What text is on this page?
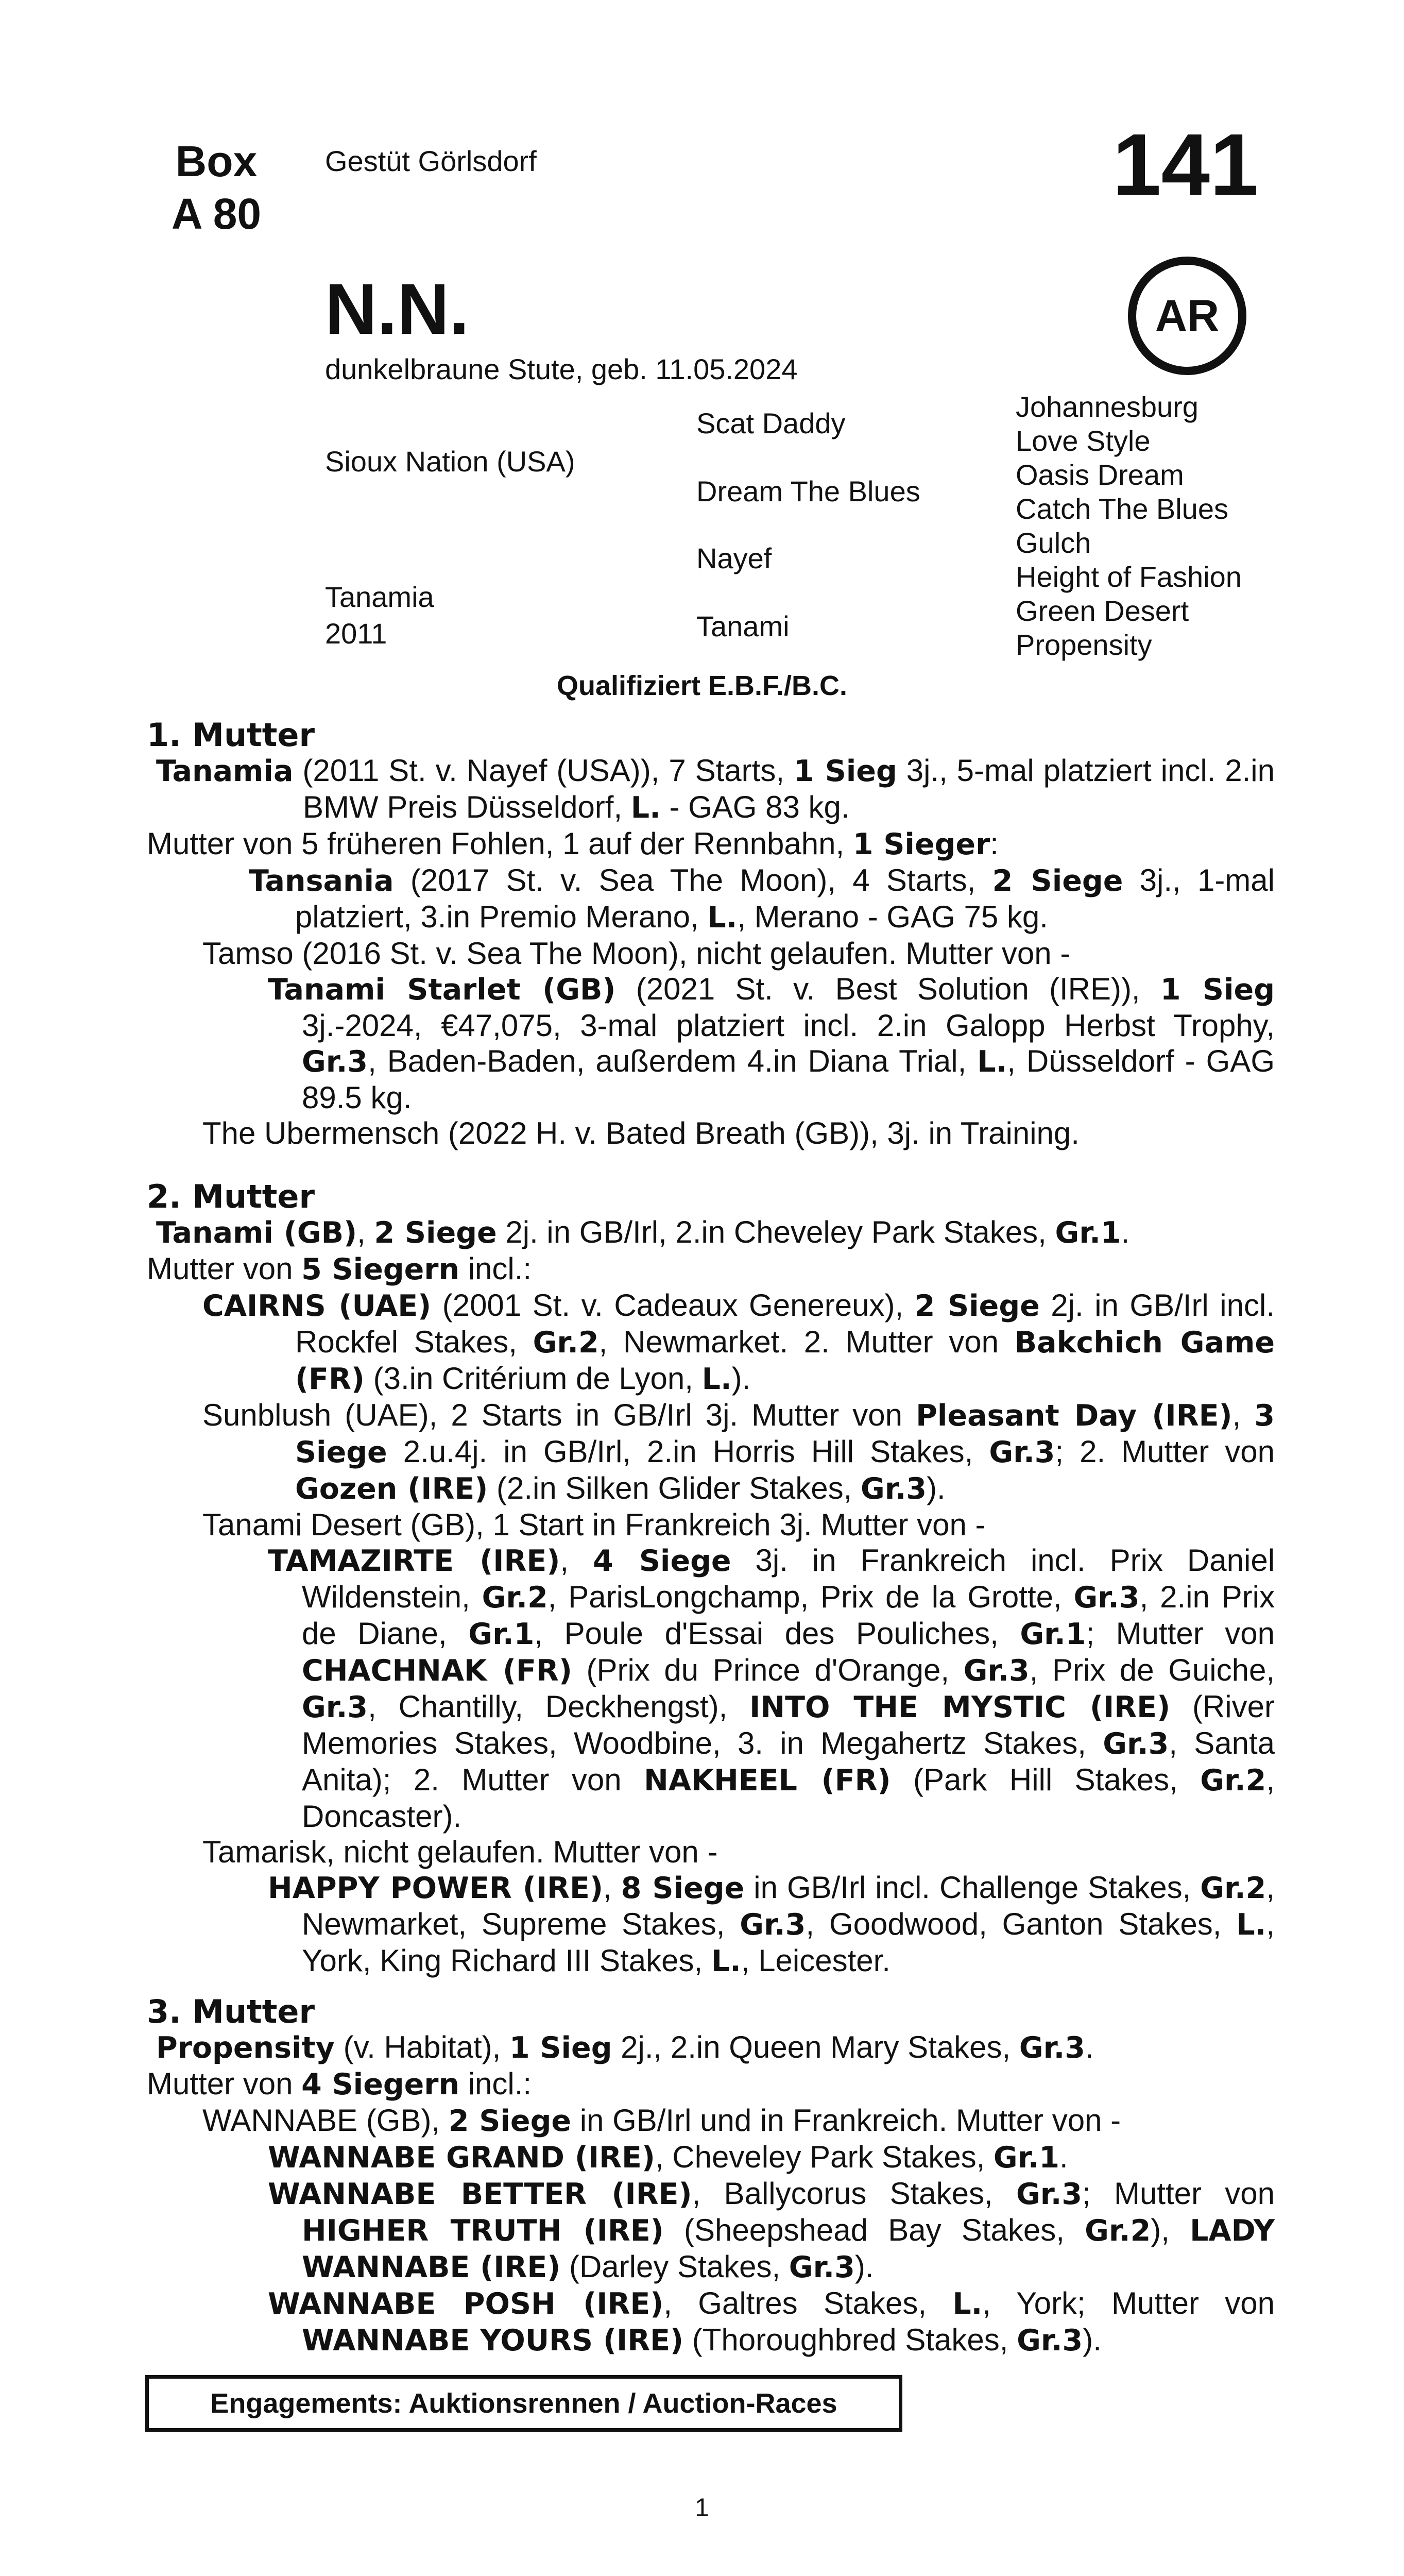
Box
A 80
Gestüt Görlsdorf	141
AR
N.N.
dunkelbraune Stute, geb. 11.05.2024
Sioux Nation (USA)
Tanamia
2011
Scat Daddy
Dream The Blues
Nayef
Tanami
Johannesburg
Love Style
Oasis Dream
Catch The Blues
Gulch
Height of Fashion
Green Desert
Propensity
Qualifiziert E.B.F./B.C.
1. Mutter
Tanamia (2011 St. v. Nayef (USA)), 7 Starts, 1 Sieg 3j., 5-mal platziert incl. 2.in BMW Preis Düsseldorf, L. - GAG 83 kg.
Mutter von 5 früheren Fohlen, 1 auf der Rennbahn, 1 Sieger:
Tansania (2017 St. v. Sea The Moon), 4 Starts, 2 Siege 3j., 1-mal platziert, 3.in Premio Merano, L., Merano - GAG 75 kg.
Tamso (2016 St. v. Sea The Moon), nicht gelaufen. Mutter von -
Tanami Starlet (GB) (2021 St. v. Best Solution (IRE)), 1 Sieg 3j.-2024, €47,075, 3-mal platziert incl. 2.in Galopp Herbst Trophy, Gr.3, Baden-Baden, außerdem 4.in Diana Trial, L., Düsseldorf - GAG 89.5 kg.
The Ubermensch (2022 H. v. Bated Breath (GB)), 3j. in Training.
2. Mutter
Tanami (GB), 2 Siege 2j. in GB/Irl, 2.in Cheveley Park Stakes, Gr.1.
Mutter von 5 Siegern incl.:
CAIRNS (UAE) (2001 St. v. Cadeaux Genereux), 2 Siege 2j. in GB/Irl incl. Rockfel Stakes, Gr.2, Newmarket. 2. Mutter von Bakchich Game (FR) (3.in Critérium de Lyon, L.).
Sunblush (UAE), 2 Starts in GB/Irl 3j. Mutter von Pleasant Day (IRE), 3 Siege 2.u.4j. in GB/Irl, 2.in Horris Hill Stakes, Gr.3; 2. Mutter von Gozen (IRE) (2.in Silken Glider Stakes, Gr.3).
Tanami Desert (GB), 1 Start in Frankreich 3j. Mutter von -
TAMAZIRTE (IRE), 4 Siege 3j. in Frankreich incl. Prix Daniel Wildenstein, Gr.2, ParisLongchamp, Prix de la Grotte, Gr.3, 2.in Prix de Diane, Gr.1, Poule d'Essai des Pouliches, Gr.1; Mutter von CHACHNAK (FR) (Prix du Prince d'Orange, Gr.3, Prix de Guiche, Gr.3, Chantilly, Deckhengst), INTO THE MYSTIC (IRE) (River Memories Stakes, Woodbine, 3. in Megahertz Stakes, Gr.3, Santa Anita); 2. Mutter von NAKHEEL (FR) (Park Hill Stakes, Gr.2, Doncaster).
Tamarisk, nicht gelaufen. Mutter von -
HAPPY POWER (IRE), 8 Siege in GB/Irl incl. Challenge Stakes, Gr.2, Newmarket, Supreme Stakes, Gr.3, Goodwood, Ganton Stakes, L., York, King Richard III Stakes, L., Leicester.
3. Mutter
Propensity (v. Habitat), 1 Sieg 2j., 2.in Queen Mary Stakes, Gr.3.
Mutter von 4 Siegern incl.:
WANNABE (GB), 2 Siege in GB/Irl und in Frankreich. Mutter von -
WANNABE GRAND (IRE), Cheveley Park Stakes, Gr.1.
WANNABE BETTER (IRE), Ballycorus Stakes, Gr.3; Mutter von HIGHER TRUTH (IRE) (Sheepshead Bay Stakes, Gr.2), LADY WANNABE (IRE) (Darley Stakes, Gr.3).
WANNABE POSH (IRE), Galtres Stakes, L., York; Mutter von WANNABE YOURS (IRE) (Thoroughbred Stakes, Gr.3).
Engagements: Auktionsrennen / Auction-Races
1
